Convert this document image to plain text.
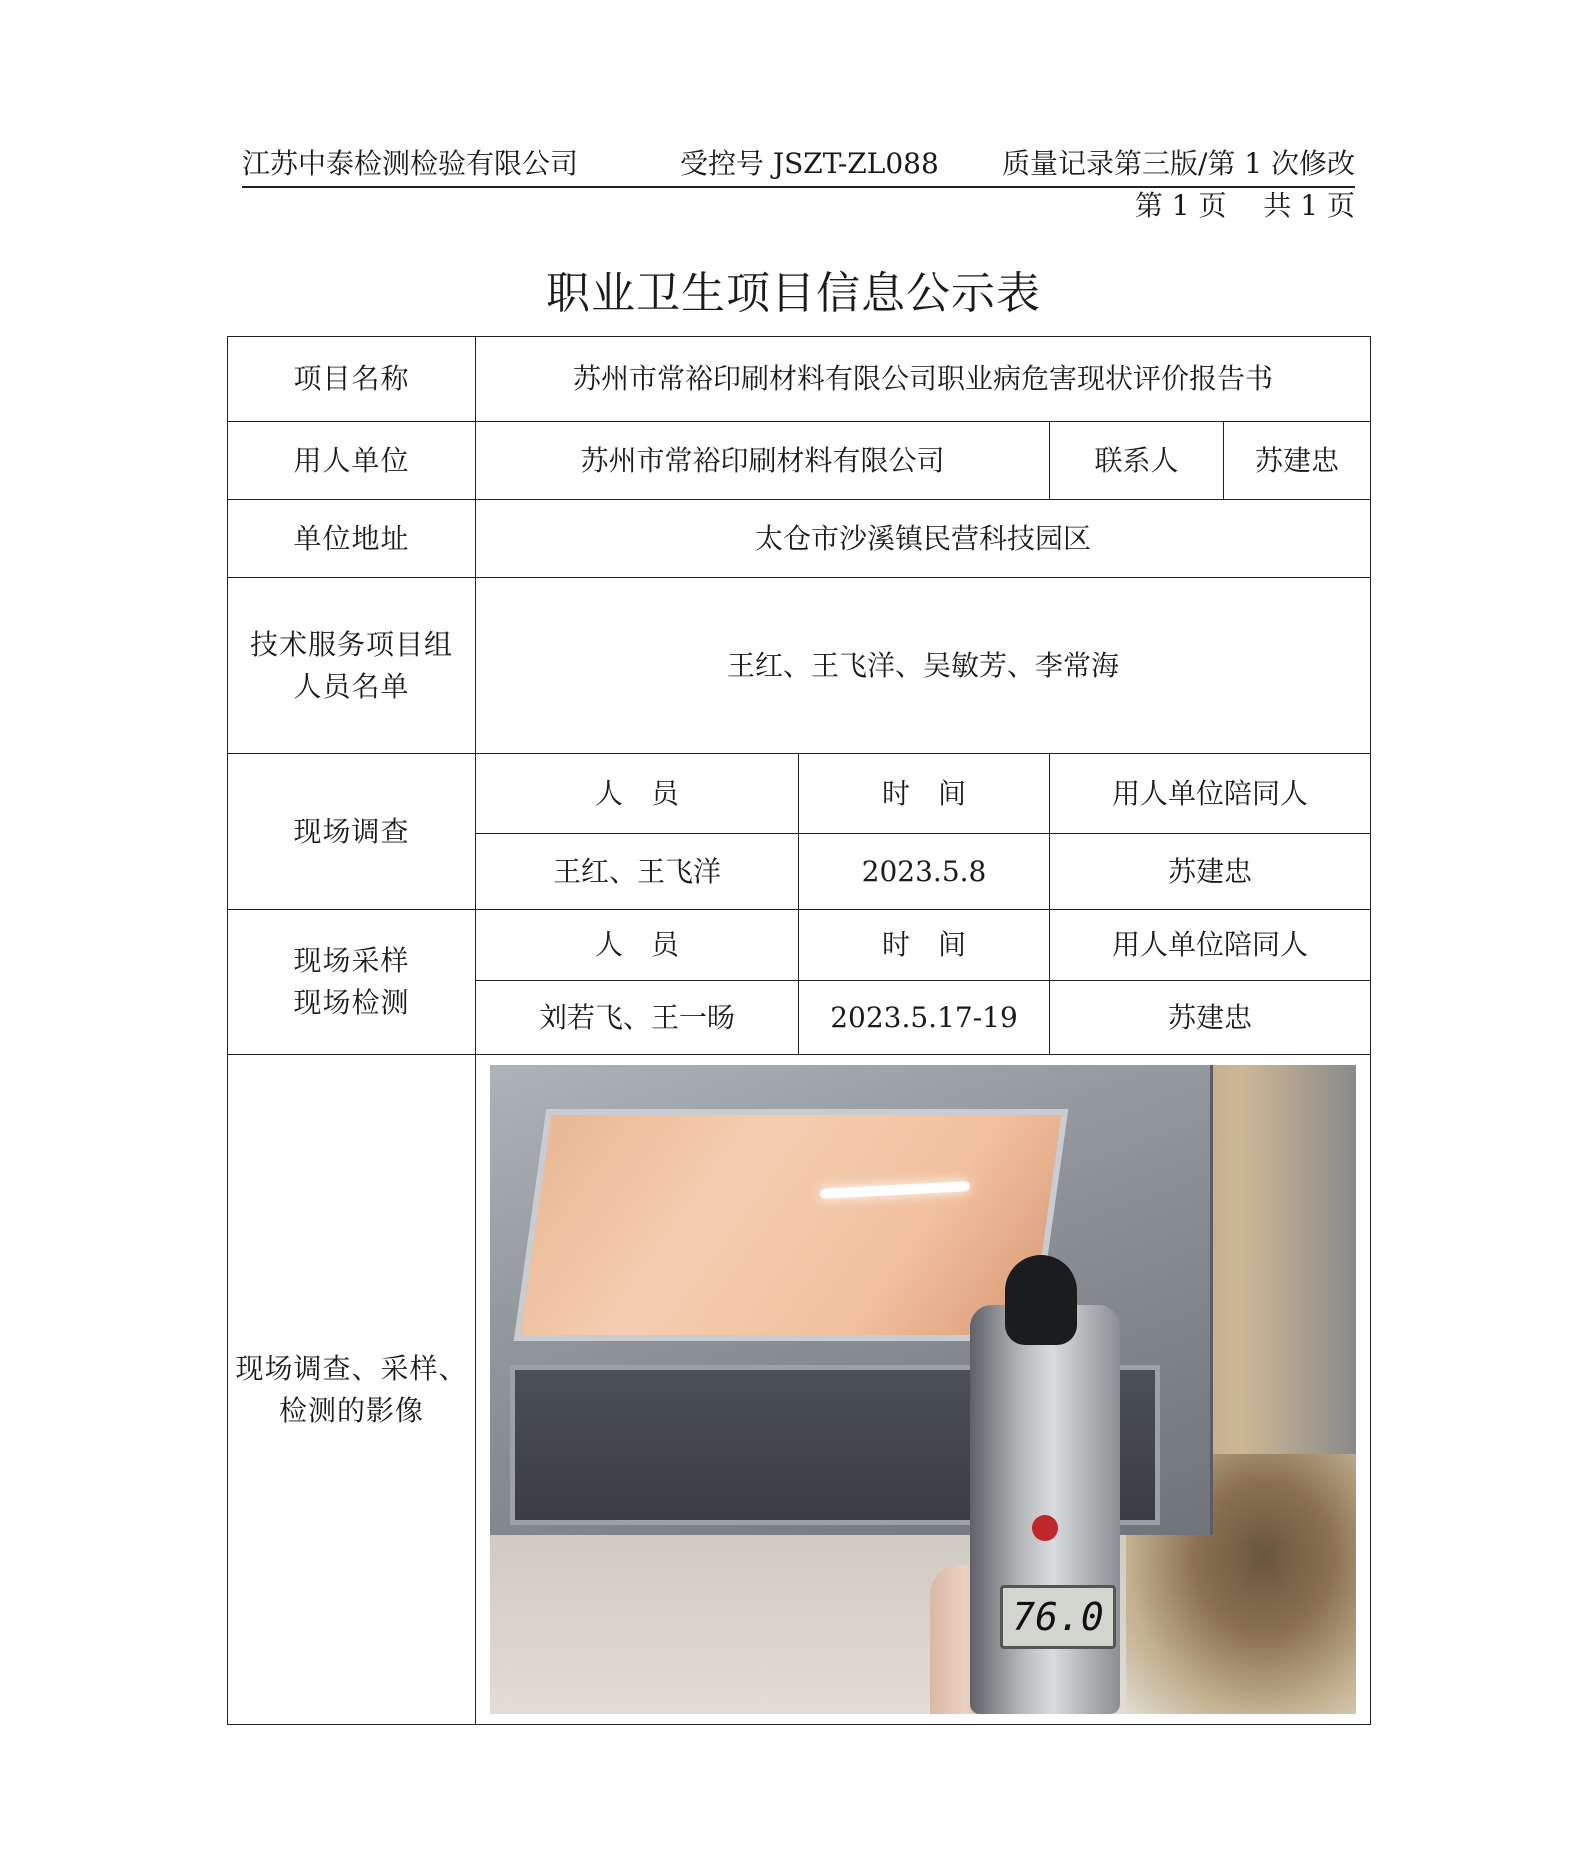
江苏中泰检测检验有限公司	受控号 JSZT-ZL088 质量记录第三版/第 1 次修改
第 1 页　 共 1 页
职业卫生项目信息公示表
项目名称	苏州市常裕印刷材料有限公司职业病危害现状评价报告书			
用人单位	苏州市常裕印刷材料有限公司		联系人	苏建忠
单位地址	太仓市沙溪镇民营科技园区			

技术服务项目组
人员名单	王红、王飞洋、吴敏芳、李常海			
现场调查	人　员	时　间	用人单位陪同人	
	王红、王飞洋	2023.5.8	苏建忠	

现场采样
现场检测	人　员	时　间	用人单位陪同人	
	刘若飞、王一旸	2023.5.17-19	苏建忠	

现场调查、采样、
检测的影像	76.0			
